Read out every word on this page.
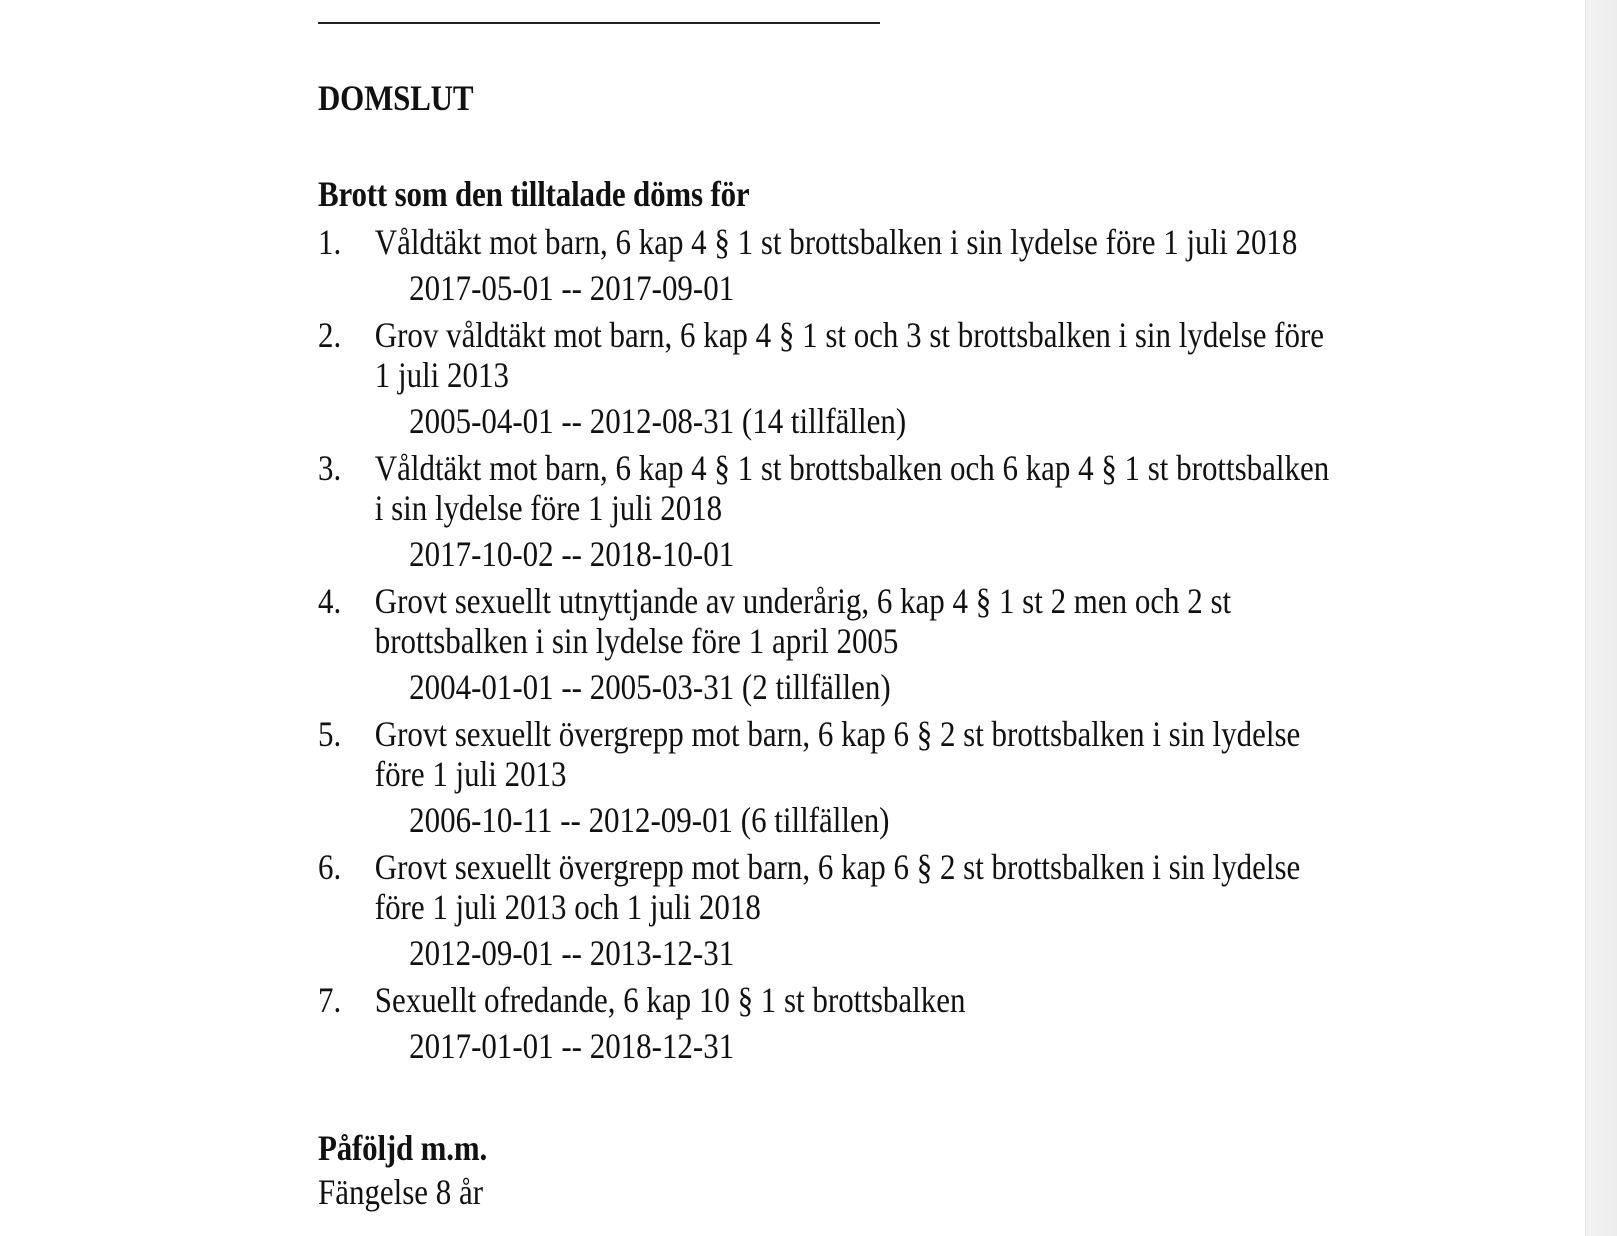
DOMSLUT
Brott som den tilltalade döms för
1. Våldtäkt mot barn, 6 kap 4 § 1 st brottsbalken i sin lydelse före 1 juli 2018
2017-05-01 -- 2017-09-01
2. Grov våldtäkt mot barn, 6 kap 4 § 1 st och 3 st brottsbalken i sin lydelse före 1 juli 2013
2005-04-01 -- 2012-08-31 (14 tillfällen)
3. Våldtäkt mot barn, 6 kap 4 § 1 st brottsbalken och 6 kap 4 § 1 st brottsbalken i sin lydelse före 1 juli 2018
2017-10-02 -- 2018-10-01
4. Grovt sexuellt utnyttjande av underårig, 6 kap 4 § 1 st 2 men och 2 st brottsbalken i sin lydelse före 1 april 2005
2004-01-01 -- 2005-03-31 (2 tillfällen)
5. Grovt sexuellt övergrepp mot barn, 6 kap 6 § 2 st brottsbalken i sin lydelse före 1 juli 2013
2006-10-11 -- 2012-09-01 (6 tillfällen)
6. Grovt sexuellt övergrepp mot barn, 6 kap 6 § 2 st brottsbalken i sin lydelse före 1 juli 2013 och 1 juli 2018
2012-09-01 -- 2013-12-31
7. Sexuellt ofredande, 6 kap 10 § 1 st brottsbalken
2017-01-01 -- 2018-12-31
Påföljd m.m.
Fängelse 8 år
